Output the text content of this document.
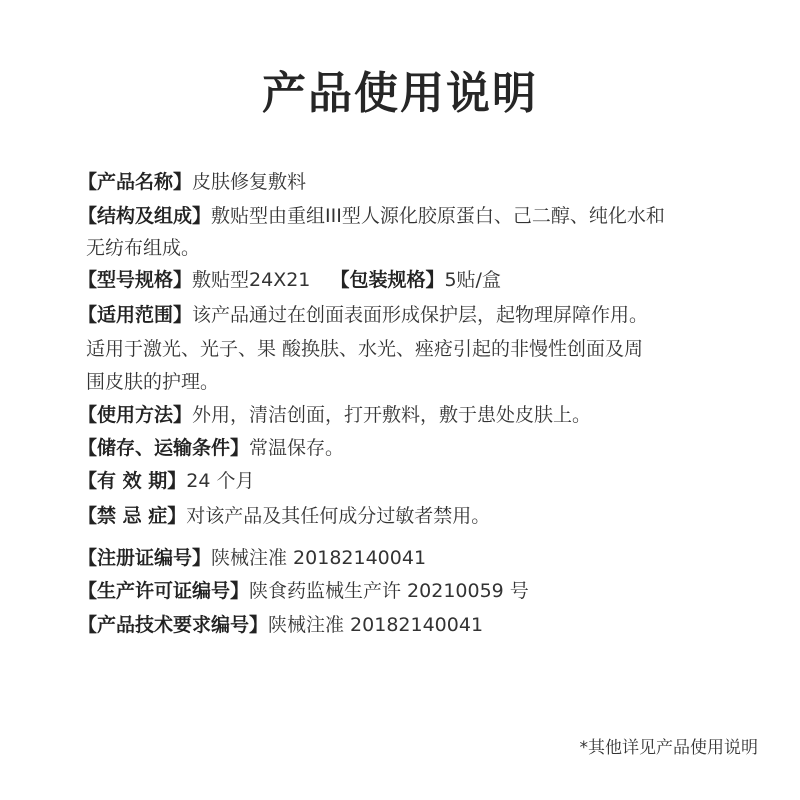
产品使用说明
【产品名称】皮肤修复敷料
【结构及组成】敷贴型由重组III型人源化胶原蛋白、己二醇、纯化水和
无纺布组成。
【型号规格】敷贴型24X21 【包装规格】5贴/盒
【适用范围】该产品通过在创面表面形成保护层，起物理屏障作用。
适用于激光、光子、果 酸换肤、水光、痤疮引起的非慢性创面及周
围皮肤的护理。
【使用方法】外用，清洁创面，打开敷料，敷于患处皮肤上。
【储存、运输条件】常温保存。
【有 效 期】24 个月
【禁 忌 症】对该产品及其任何成分过敏者禁用。
【注册证编号】陕械注准 20182140041
【生产许可证编号】陕食药监械生产许 20210059 号
【产品技术要求编号】陕械注准 20182140041
*其他详见产品使用说明
